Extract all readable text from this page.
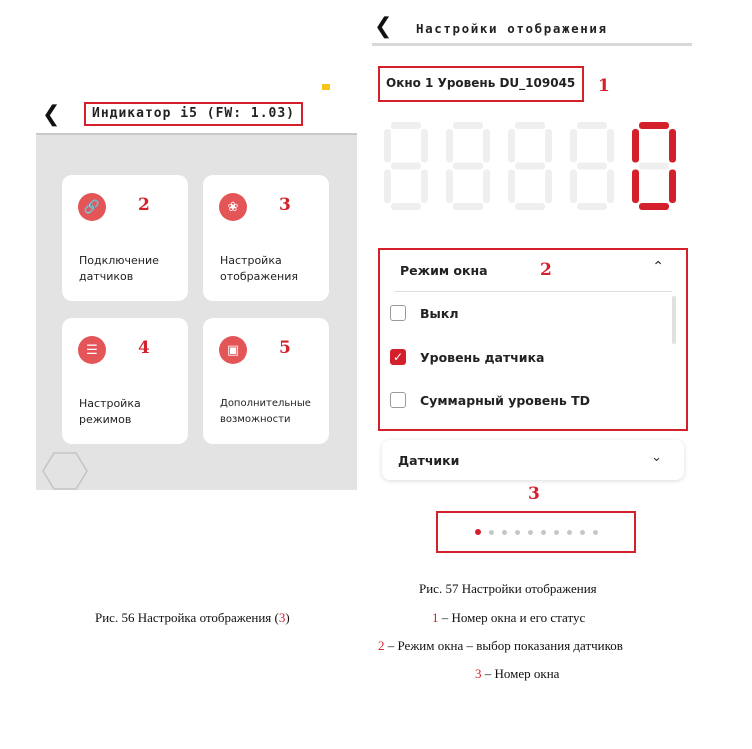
❮	Индикатор i5 (FW: 1.03)
🔗	2
Подключение
датчиков
❀	3
Настройка
отображения
☰	4
Настройка
режимов
▣	5
Дополнительные
возможности
❮ Настройки отображения
Окно 1 Уровень DU_109045	1
Режим окна	2	⌃
Выкл
✓ Уровень датчика
Суммарный уровень TD
Датчики	⌄
3
Рис. 56 Настройка отображения (3)
Рис. 57 Настройки отображения
1 – Номер окна и его статус
2 – Режим окна – выбор показания датчиков
3 – Номер окна
